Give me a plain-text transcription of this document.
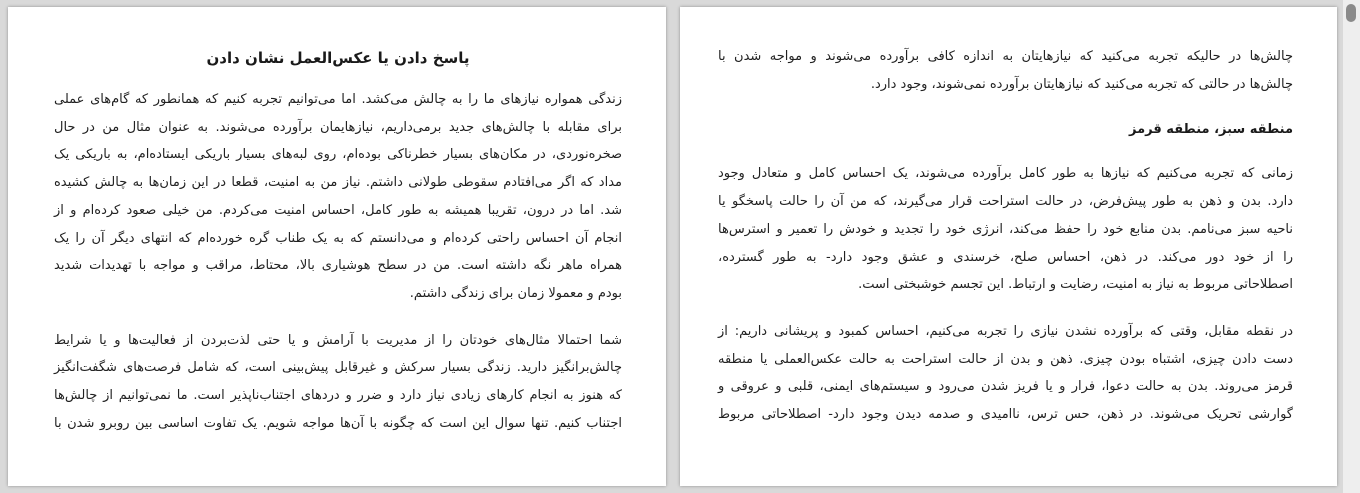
پاسخ دادن یا عکس‌العمل نشان دادن

زندگی همواره نیازهای ما را به چالش می‌کشد. اما می‌توانیم تجربه کنیم که همانطور که گام‌های عملی
برای مقابله با چالش‌های جدید برمی‌داریم، نیازهایمان برآورده می‌شوند. به عنوان مثال من در حال
صخره‌نوردی، در مکان‌های بسیار خطرناکی بوده‌ام، روی لبه‌های بسیار باریکی ایستاده‌ام، به باریکی یک
مداد که اگر می‌افتادم سقوطی طولانی داشتم. نیاز من به امنیت، قطعا در این زمان‌ها به چالش کشیده
شد. اما در درون، تقریبا همیشه به طور کامل، احساس امنیت می‌کردم. من خیلی صعود کرده‌ام و از
انجام آن احساس راحتی کرده‌ام و می‌دانستم که به یک طناب گره خورده‌ام که انتهای دیگر آن را یک
همراه ماهر نگه داشته است. من در سطح هوشیاری بالا، محتاط، مراقب و مواجه با تهدیدات شدید
بودم و معمولا زمان برای زندگی داشتم.

شما احتمالا مثال‌های خودتان را از مدیریت با آرامش و یا حتی لذت‌بردن از فعالیت‌ها و یا شرایط
چالش‌برانگیز دارید. زندگی بسیار سرکش و غیرقابل پیش‌بینی است، که شامل فرصت‌های شگفت‌انگیز
که هنوز به انجام کارهای زیادی نیاز دارد و ضرر و دردهای اجتناب‌ناپذیر است. ما نمی‌توانیم از چالش‌ها
اجتناب کنیم. تنها سوال این است که چگونه با آن‌ها مواجه شویم. یک تفاوت اساسی بین روبرو شدن با

چالش‌ها در حالیکه تجربه می‌کنید که نیازهایتان به اندازه کافی برآورده می‌شوند و مواجه شدن با
چالش‌ها در حالتی که تجربه می‌کنید که نیازهایتان برآورده نمی‌شوند، وجود دارد.

منطقه سبز، منطقه قرمز

زمانی که تجربه می‌کنیم که نیازها به طور کامل برآورده می‌شوند، یک احساس کامل و متعادل وجود
دارد. بدن و ذهن به طور پیش‌فرض، در حالت استراحت قرار می‌گیرند، که من آن را حالت پاسخگو یا
ناحیه سبز می‌نامم. بدن منابع خود را حفظ می‌کند، انرژی خود را تجدید و خودش را تعمیر و استرس‌ها
را از خود دور می‌کند. در ذهن، احساس صلح، خرسندی و عشق وجود دارد- به طور گسترده،
اصطلاحاتی مربوط به نیاز به امنیت، رضایت و ارتباط. این تجسم خوشبختی است.

در نقطه مقابل، وقتی که برآورده نشدن نیازی را تجربه می‌کنیم، احساس کمبود و پریشانی داریم: از
دست دادن چیزی، اشتباه بودن چیزی. ذهن و بدن از حالت استراحت به حالت عکس‌العملی یا منطقه
قرمز می‌روند. بدن به حالت دعوا، فرار و یا فریز شدن می‌رود و سیستم‌های ایمنی، قلبی و عروقی و
گوارشی تحریک می‌شوند. در ذهن، حس ترس، ناامیدی و صدمه دیدن وجود دارد- اصطلاحاتی مربوط
